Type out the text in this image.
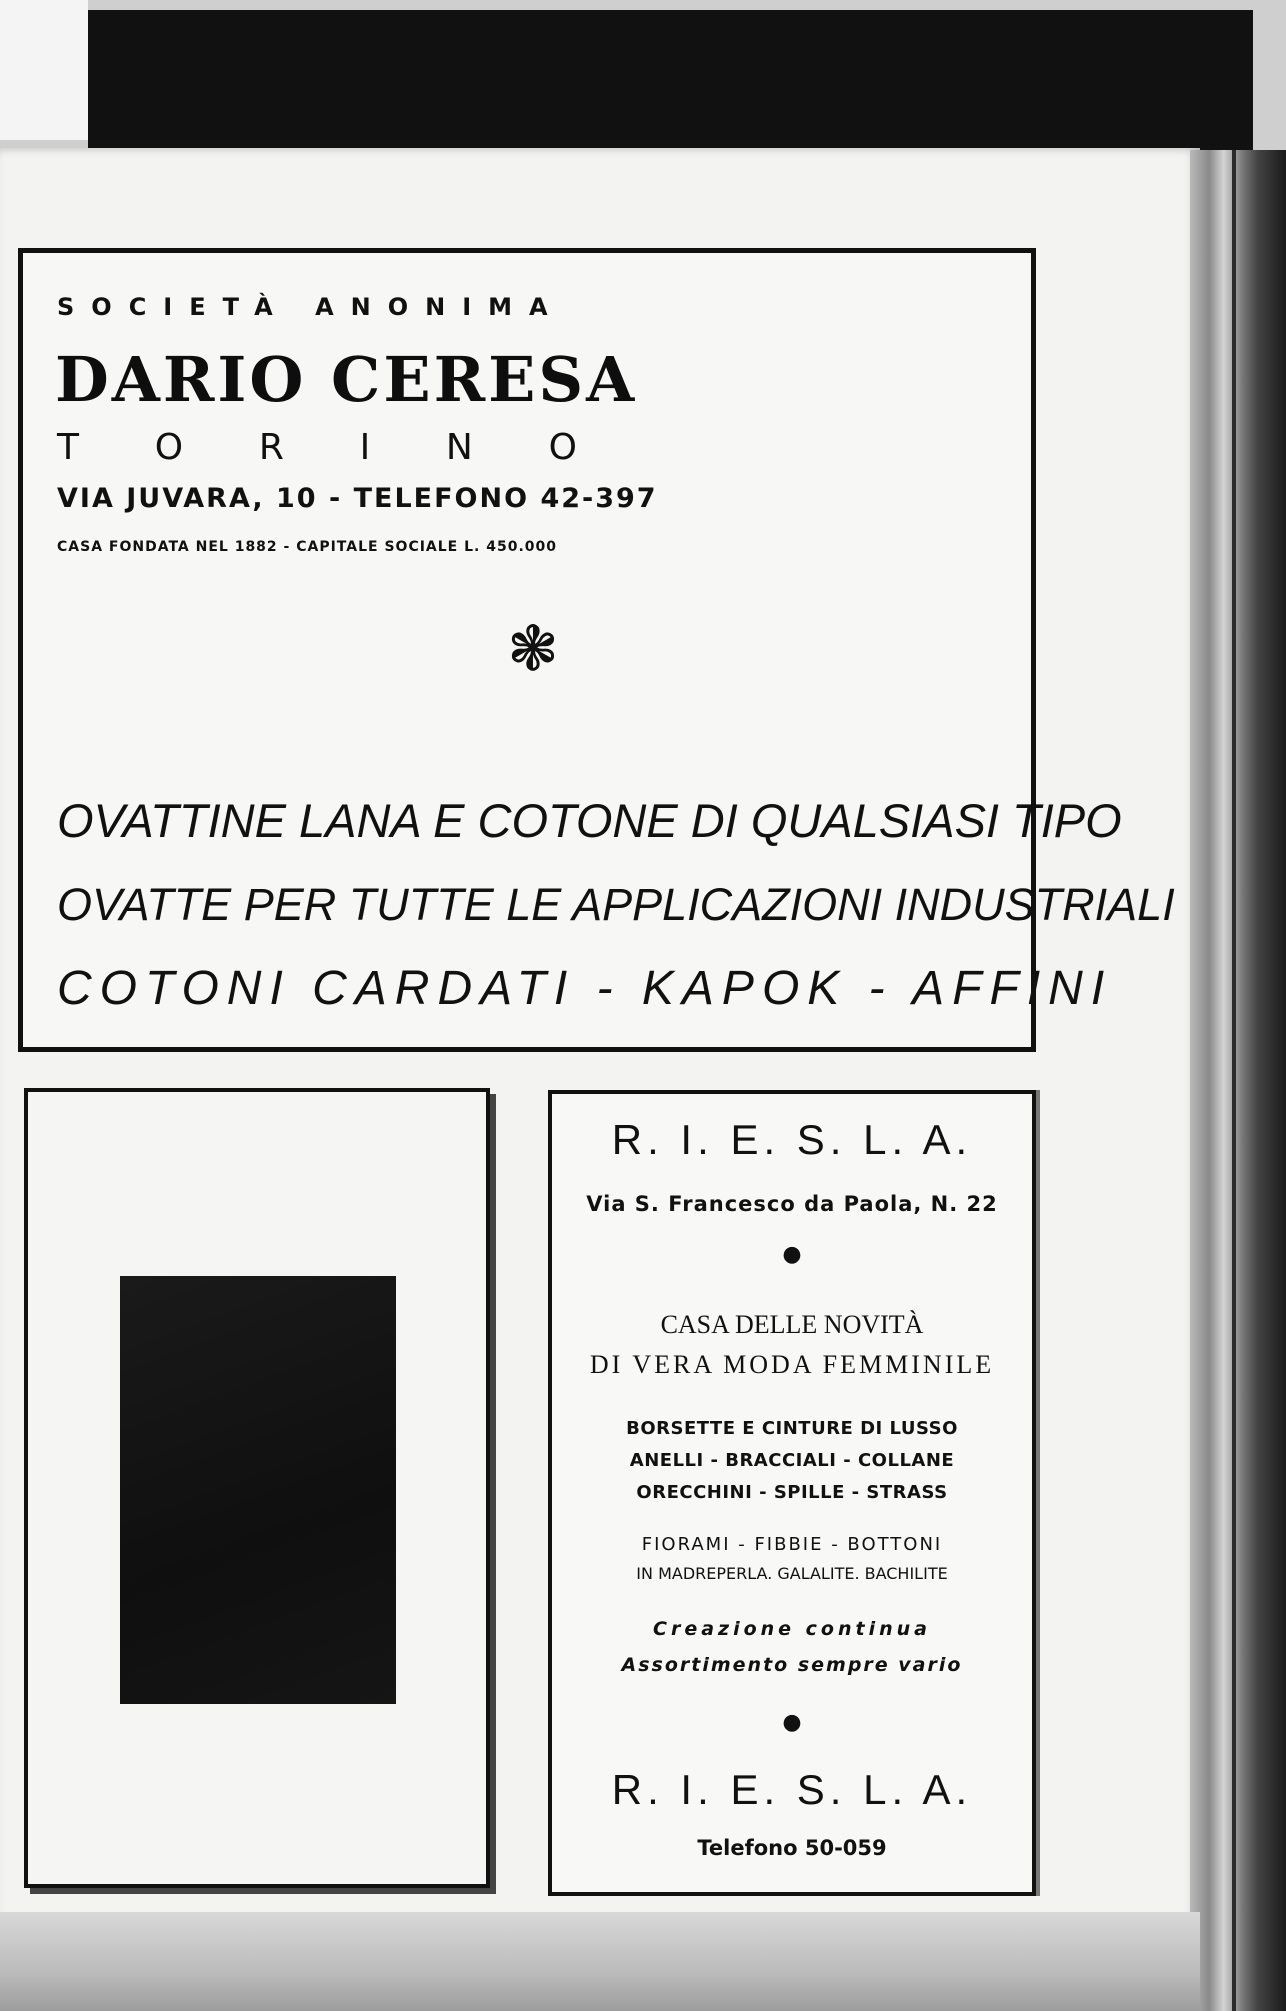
SOCIETÀ ANONIMA
DARIO CERESA
T O R I N O
VIA JUVARA, 10 - TELEFONO 42-397
CASA FONDATA NEL 1882 - CAPITALE SOCIALE L. 450.000
❃
OVATTINE LANA E COTONE DI QUALSIASI TIPO
OVATTE PER TUTTE LE APPLICAZIONI INDUSTRIALI
COTONI CARDATI - KAPOK - AFFINI
R. I. E. S. L. A.
Via S. Francesco da Paola, N. 22
●
CASA DELLE NOVITÀ
DI VERA MODA FEMMINILE
BORSETTE E CINTURE DI LUSSO
ANELLI - BRACCIALI - COLLANE
ORECCHINI - SPILLE - STRASS
FIORAMI - FIBBIE - BOTTONI
IN MADREPERLA. GALALITE. BACHILITE
Creazione continua
Assortimento sempre vario
●
R. I. E. S. L. A.
Telefono 50-059
